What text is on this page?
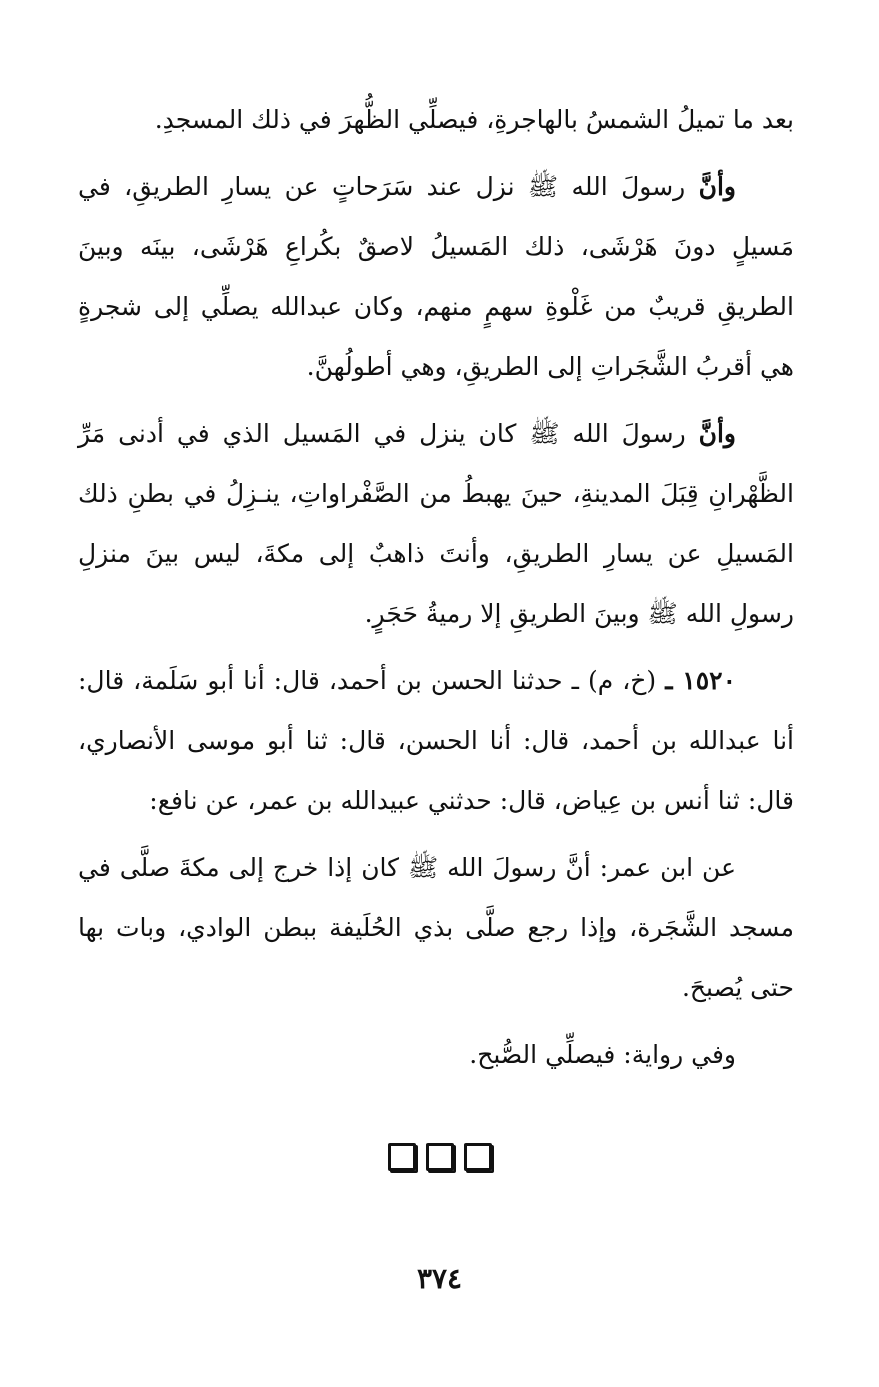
بعد ما تميلُ الشمسُ بالهاجرةِ، فيصلِّي الظُّهرَ في ذلك المسجدِ.

وأنَّ رسولَ الله ﷺ نزل عند سَرَحاتٍ عن يسارِ الطريقِ، في مَسيلٍ دونَ هَرْشَى، ذلك المَسيلُ لاصقٌ بكُراعِ هَرْشَى، بينَه وبينَ الطريقِ قريبٌ من غَلْوةِ سهمٍ منهم، وكان عبدالله يصلِّي إلى شجرةٍ هي أقربُ الشَّجَراتِ إلى الطريقِ، وهي أطولُهنَّ.

وأنَّ رسولَ الله ﷺ كان ينزل في المَسيل الذي في أدنى مَرِّ الظَّهْرانِ قِبَلَ المدينةِ، حينَ يهبطُ من الصَّفْراواتِ، ينـزِلُ في بطنِ ذلك المَسيلِ عن يسارِ الطريقِ، وأنتَ ذاهبٌ إلى مكةَ، ليس بينَ منزلِ رسولِ الله ﷺ وبينَ الطريقِ إلا رميةُ حَجَرٍ.

١٥٢٠ ـ (خ، م) ـ حدثنا الحسن بن أحمد، قال: أنا أبو سَلَمة، قال: أنا عبدالله بن أحمد، قال: أنا الحسن، قال: ثنا أبو موسى الأنصاري، قال: ثنا أنس بن عِياض، قال: حدثني عبيدالله بن عمر، عن نافع:

عن ابن عمر: أنَّ رسولَ الله ﷺ كان إذا خرج إلى مكةَ صلَّى في مسجد الشَّجَرة، وإذا رجع صلَّى بذي الحُلَيفة ببطن الوادي، وبات بها حتى يُصبحَ.

وفي رواية: فيصلِّي الصُّبح.

٣٧٤
